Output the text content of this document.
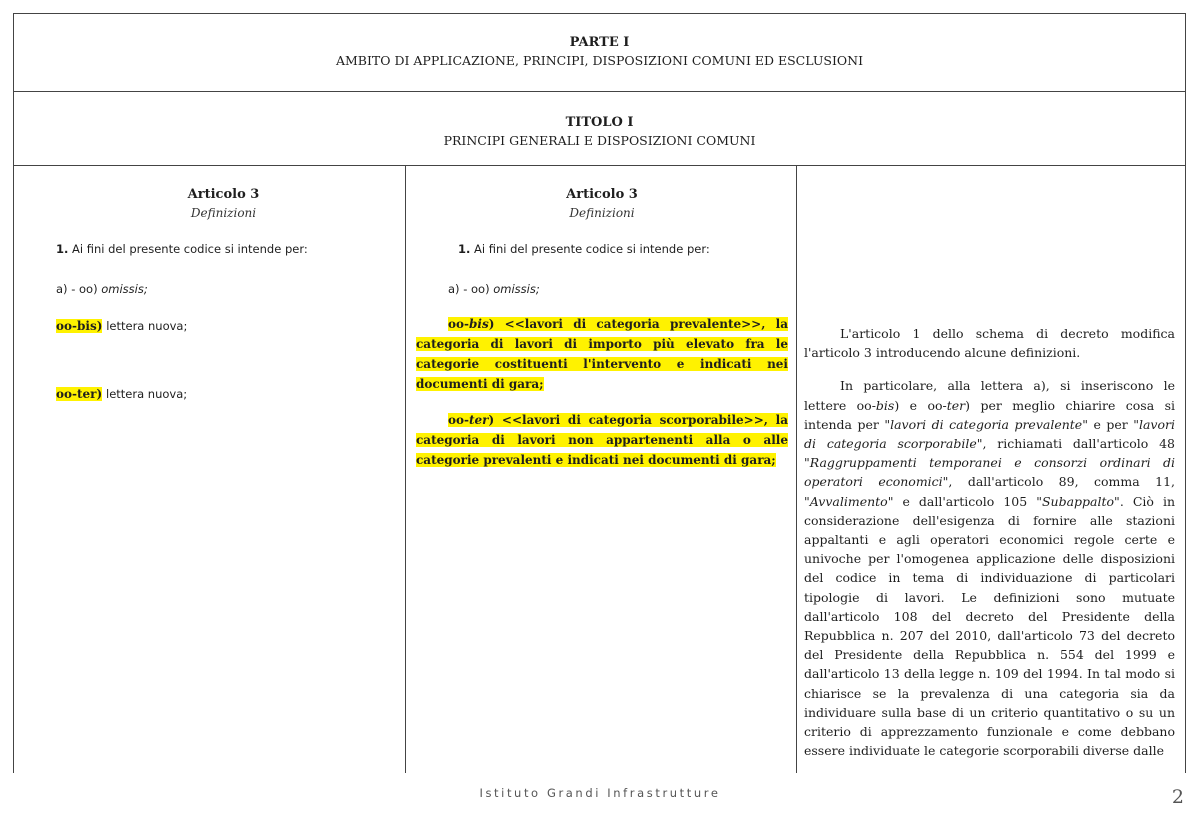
PARTE I
AMBITO DI APPLICAZIONE, PRINCIPI, DISPOSIZIONI COMUNI ED ESCLUSIONI
TITOLO I
PRINCIPI GENERALI E DISPOSIZIONI COMUNI
Articolo 3
Definizioni
1. Ai fini del presente codice si intende per:
a) - oo) omissis;
oo-bis) lettera nuova;
oo-ter) lettera nuova;
Articolo 3
Definizioni
1. Ai fini del presente codice si intende per:
a) - oo) omissis;
oo-bis) <<lavori di categoria prevalente>>, la categoria di lavori di importo più elevato fra le categorie costituenti l'intervento e indicati nei documenti di gara;
oo-ter) <<lavori di categoria scorporabile>>, la categoria di lavori non appartenenti alla o alle categorie prevalenti e indicati nei documenti di gara;

L'articolo 1 dello schema di decreto modifica l'articolo 3 introducendo alcune definizioni.

In particolare, alla lettera a), si inseriscono le lettere oo-bis) e oo-ter) per meglio chiarire cosa si intenda per "lavori di categoria prevalente" e per "lavori di categoria scorporabile", richiamati dall'articolo 48 "Raggruppamenti temporanei e consorzi ordinari di operatori economici", dall'articolo 89, comma 11, "Avvalimento" e dall'articolo 105 "Subappalto". Ciò in considerazione dell'esigenza di fornire alle stazioni appaltanti e agli operatori economici regole certe e univoche per l'omogenea applicazione delle disposizioni del codice in tema di individuazione di particolari tipologie di lavori. Le definizioni sono mutuate dall'articolo 108 del decreto del Presidente della Repubblica n. 207 del 2010, dall'articolo 73 del decreto del Presidente della Repubblica n. 554 del 1999 e dall'articolo 13 della legge n. 109 del 1994. In tal modo si chiarisce se la prevalenza di una categoria sia da individuare sulla base di un criterio quantitativo o su un criterio di apprezzamento funzionale e come debbano essere individuate le categorie scorporabili diverse dalle

Istituto Grandi Infrastrutture	2
